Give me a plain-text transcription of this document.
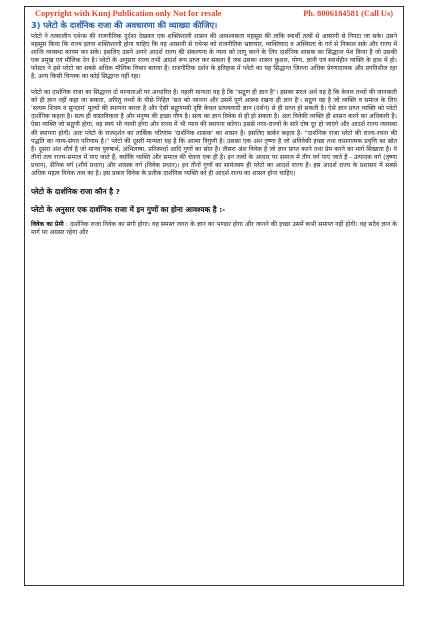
Copyright with Kunj Publication only Not for resale	Ph. 8006184581 (Call Us)
3) प्लेटो के दार्शनिक राजा की अवधारणा की व्याख्या कीजिए।

प्लेटो ने तत्कालीन एथेन्स की राजनीतिक दुर्दशा देखकर एक शक्तिशाली शासन की आवश्यकता महसूस की ताकि स्वार्थी तत्वों से आसानी से निपटा जा सके। उसने महसूस किया कि राज्य इतना शक्तिशाली होना चाहिए कि वह आसानी से एथेन्स को राजनीतिक भ्रष्टाचार, व्यक्तिवाद व अस्थिरता के गर्त से निकाल सके और राज्य में शान्ति व्यवस्था कायम कर सके। इसलिए उसने अपने आदर्श राज्य की संकल्पना के न्याय को लागू करने के लिए दार्शनिक शासक का सिद्धान्त पेश किया है जो उसकी एक प्रमुख एवं मौलिक देन है। प्लेटो के अनुसार राज्य तभी आदर्श रूप प्राप्त कर सकता है जब उसका शासन कुशल, योग्य, ज्ञानी एवं स्वार्थहीन व्यक्ति के हाथ में हो। फोस्टर ने इसे प्लेटो का सबसे अधिक मौलिक विचार बताया है। राजनीतिक दर्शन के इतिहास में प्लेटो का यह सिद्धान्त जितना अधिक प्रेरणादायक और प्रगतिशील रहा है, अन्य किसी चिन्तक का कोई सिद्धान्त नहीं रहा।

प्लेटो का दार्शनिक राजा का सिद्धान्त दो मान्यताओं पर आधारित है। पहली मान्यता यह है कि "सद्गुण ही ज्ञान है"। इसका सरल अर्थ यह है कि केवल तथ्यों की जानकारी को ही ज्ञान नहीं कहा जा सकता, अपितु तथ्यों के पीछे निहित 'सत को जानना और उसमें पूर्ण आस्था रखना ही ज्ञान है'। सद्गुण वह है जो व्यक्ति व समाज के लिए 'सत्यम शिवम व सुन्दरम' मूल्यों की स्थापना करता है और ऐसी सद्गुणमयी दृष्टि केवल प्रत्ययवादी ज्ञान (दर्शन) से ही प्राप्त हो सकती है। ऐसे ज्ञान प्राप्त व्यक्ति को प्लेटो दार्शनिक कहता है। सत्य ही वास्तविकता है और मनुष्य की इच्छा गौण है। सत्य का ज्ञान विवेक से ही हो सकता है। अतः विवेकी व्यक्ति ही शासन करने का अधिकारी है। ऐसा व्यक्ति जो सद्गुणी होगा, वह स्वयं भी न्यायी होगा और राज्य में भी न्याय की स्थापना करेगा। इससे नगर-राज्यों के सारे दोष दूर हो जाएंगे और आदर्श राज्य व्यवस्था की स्थापना होगी। अतः प्लेटो के राजदर्शन का तार्किक परिणाम 'दार्शनिक शासक' का शासन है। इसलिए बार्कर कहता है- "दार्शनिक राजा प्लेटो की राज्य-रचना की पद्धति का न्याय-संगत परिणाम है।" प्लेटो की दूसरी मान्यता यह है कि आत्मा त्रिगुणी है। उसका एक अंश तृष्णा है जो अविवेकी इच्छा तथा वासनात्मक प्रवृत्ति का स्रोत है। दूसरा अंश शौर्य है जो मानव पुरुषार्थ, अभिलाषा, प्रतिस्पर्धा आदि गुणों का स्रोत है। तीसरा अंश विवेक है जो ज्ञान प्राप्त करने तथा प्रेम करने का मार्ग सिखाता है। ये तीनों तत्व राज्य-समाज में पाए जाते हैं, क्योंकि व्यक्ति और समाज की चेतना एक ही है। इन तत्वों के आधार पर समाज में तीन वर्ग पाए जाते हैं - उत्पादक वर्ग (तृष्णा प्रधान), सैनिक वर्ग (शौर्य प्रधान) और शासक वर्ग (विवेक प्रधान)। इन तीनों गुणों का सामंजस्य ही प्लेटो का आदर्श राज्य है। इस आदर्श राज्य के प्रशासन में सबसे अधिक महत्व विवेक तत्व का है। इस प्रकार विवेक के प्रतीक दार्शनिक व्यक्ति को ही आदर्श राज्य का शासन होना चाहिए।

प्लेटो के दार्शनिक राजा कौन है ?
प्लेटो के अनुसार एक दार्शनिक राजा में इन गुणों का होना आवश्यक है :-

विवेक का प्रेमी : दार्शनिक राजा विवेक का संगी होगा। वह समस्त जगत के ज्ञान का भण्डार होगा और जानने की इच्छा उसमें कभी समाप्त नहीं होगी। वह सदैव ज्ञान के मार्ग पर अग्रसर रहेगा और
